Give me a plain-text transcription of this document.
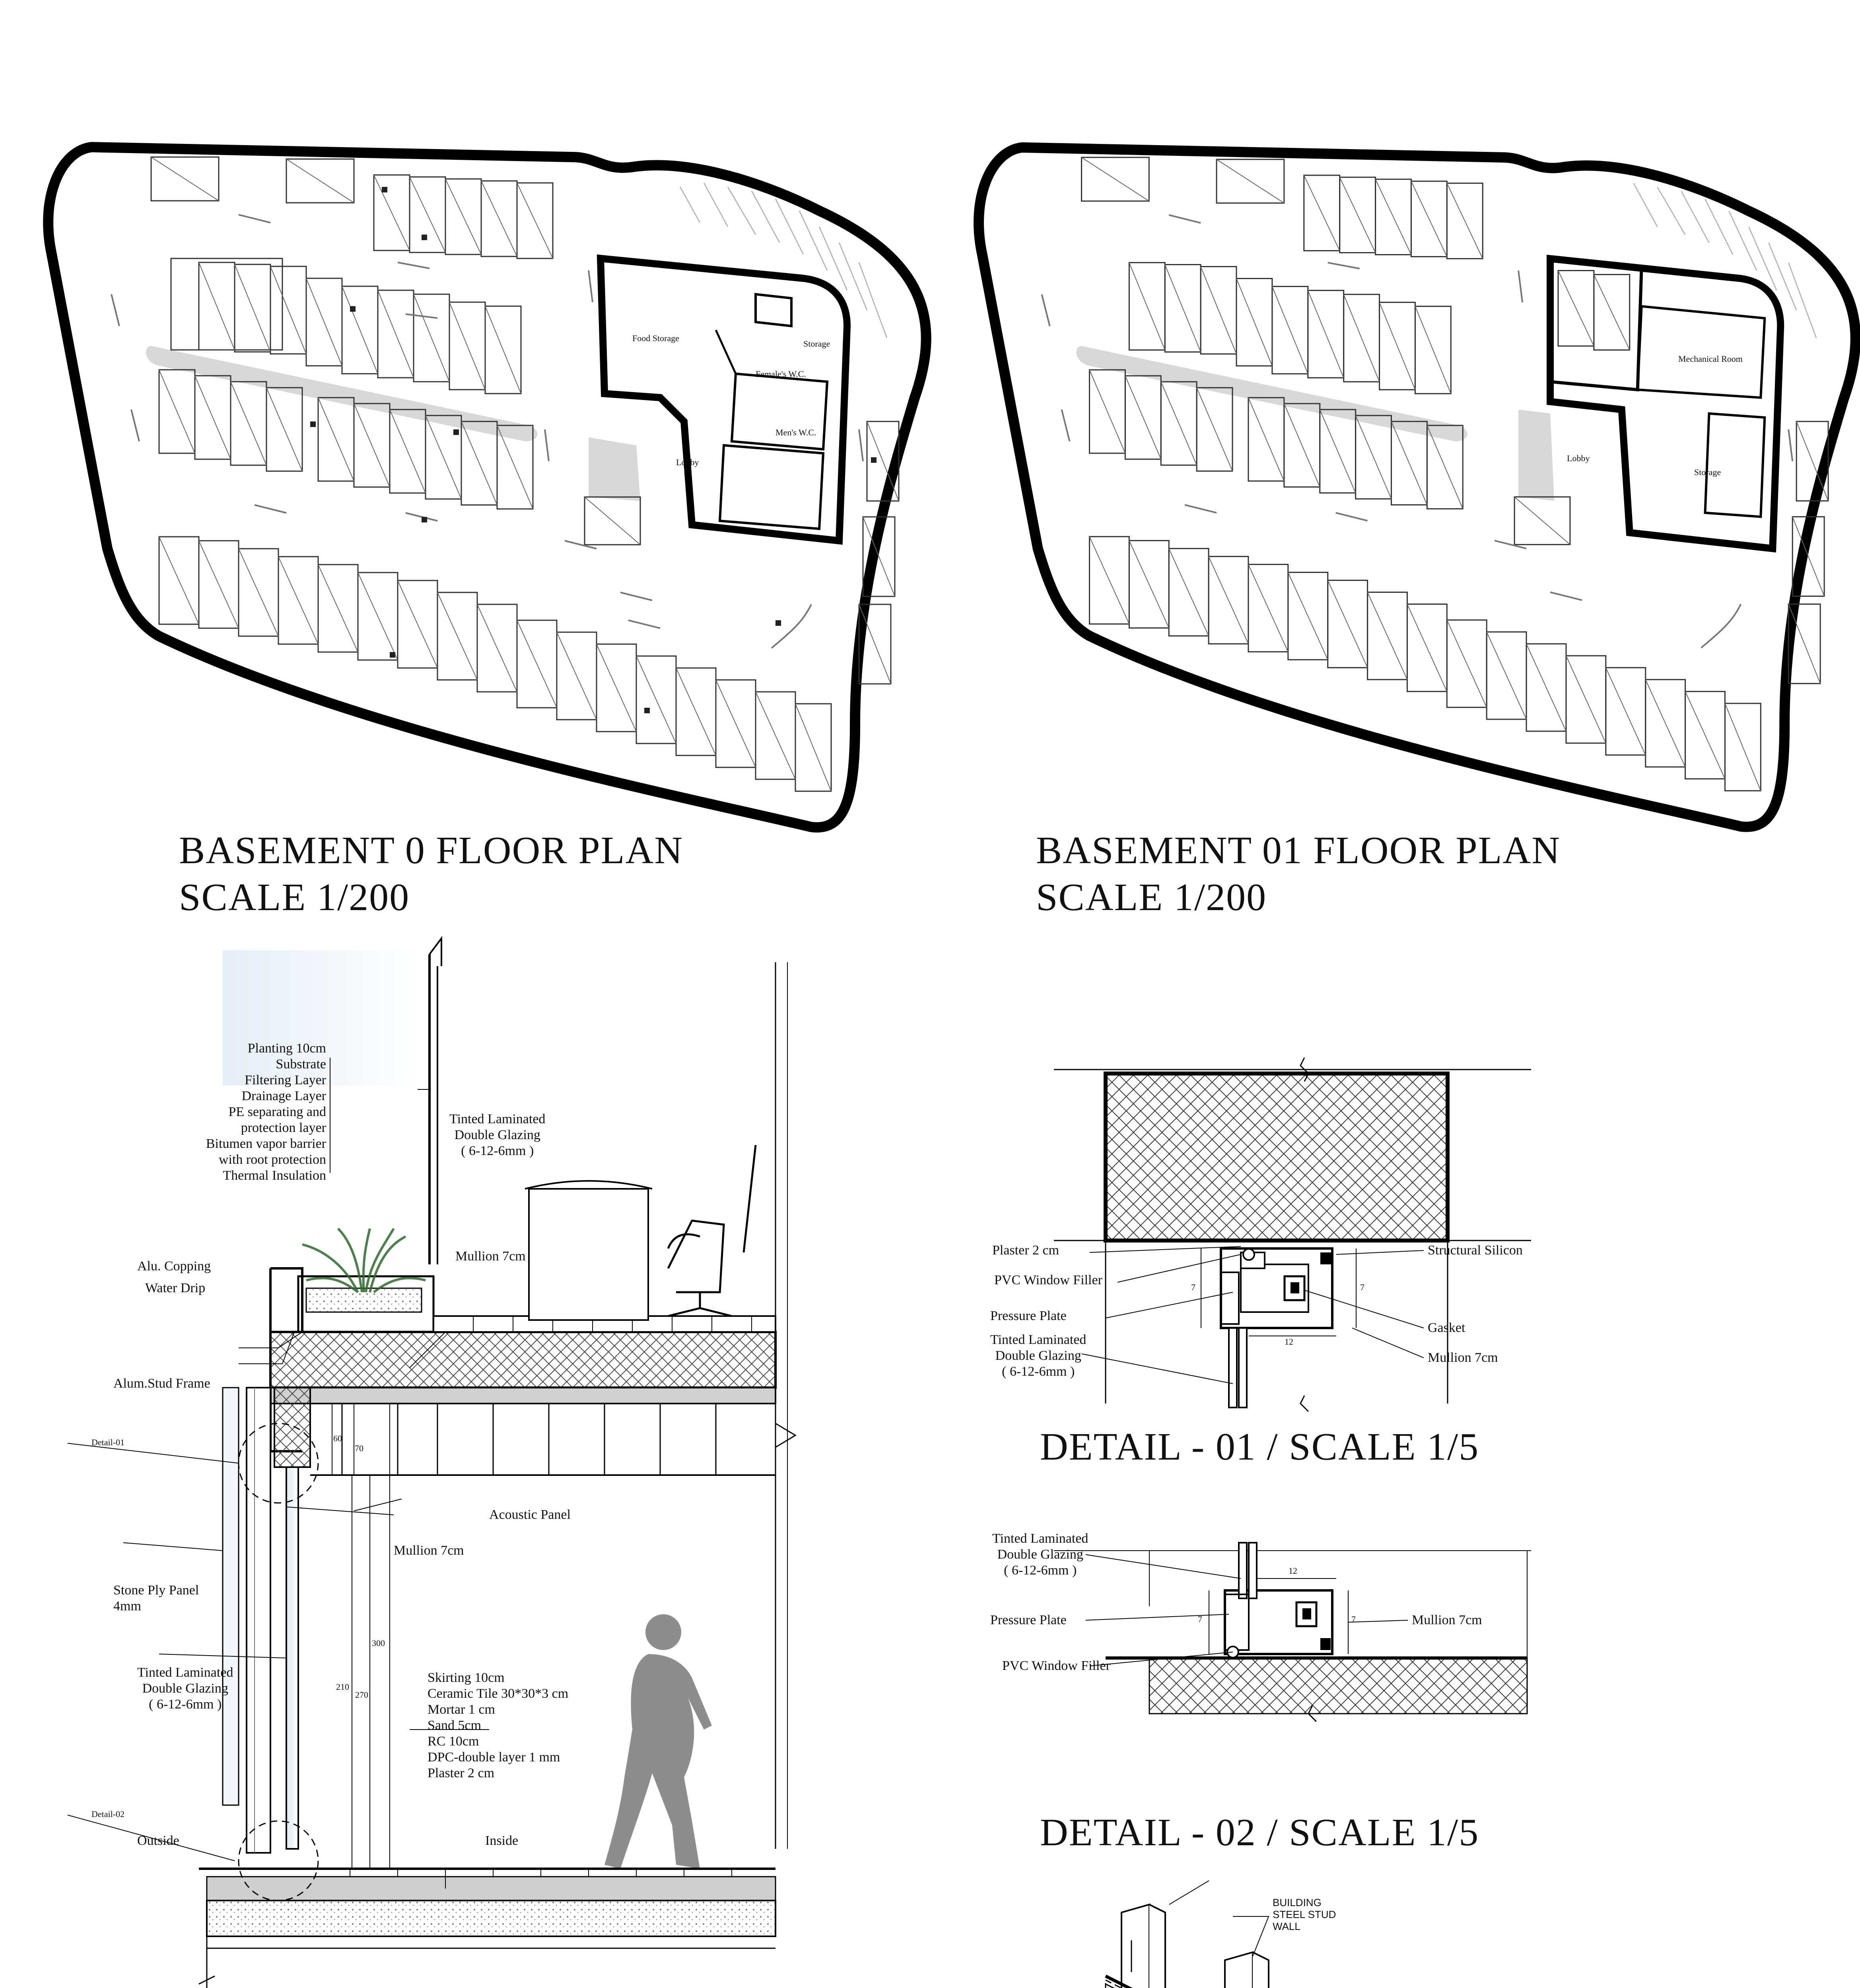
Food Storage
Storage
Female's W.C.
Men's W.C.
Lobby
BASEMENT 0 FLOOR PLAN
SCALE 1/200
Mechanical Room
Lobby
Storage
BASEMENT 01 FLOOR PLAN
SCALE 1/200
Planting 10cm
Substrate
Filtering Layer
Drainage Layer
PE separating and
protection layer
Bitumen vapor barrier
with root protection
Thermal Insulation
Alu. Copping
Water Drip
Alum.Stud Frame
Detail-01
Detail-02
Stone Ply Panel
4mm
Tinted Laminated
Double Glazing
( 6-12-6mm )
Tinted Laminated
Double Glazing
( 6-12-6mm )
Mullion 7cm
Mullion 7cm
Acoustic Panel
Skirting 10cm
Ceramic Tile 30*30*3 cm
Mortar 1 cm
Sand 5cm
RC 10cm
DPC-double layer 1 mm
Plaster 2 cm
Outside	Inside
60
70
300
210
270
Plaster 2 cm
PVC Window Filler
Pressure Plate
Tinted Laminated
Double Glazing
( 6-12-6mm )
Structural Silicon
Gasket
Mullion 7cm
7
12
7
DETAIL - 01 / SCALE 1/5
Tinted Laminated
Double Glazing
( 6-12-6mm )
Pressure Plate
PVC Window Filler
Mullion 7cm
12
7	7
DETAIL - 02 / SCALE 1/5
BUILDING
STEEL STUD
WALL
